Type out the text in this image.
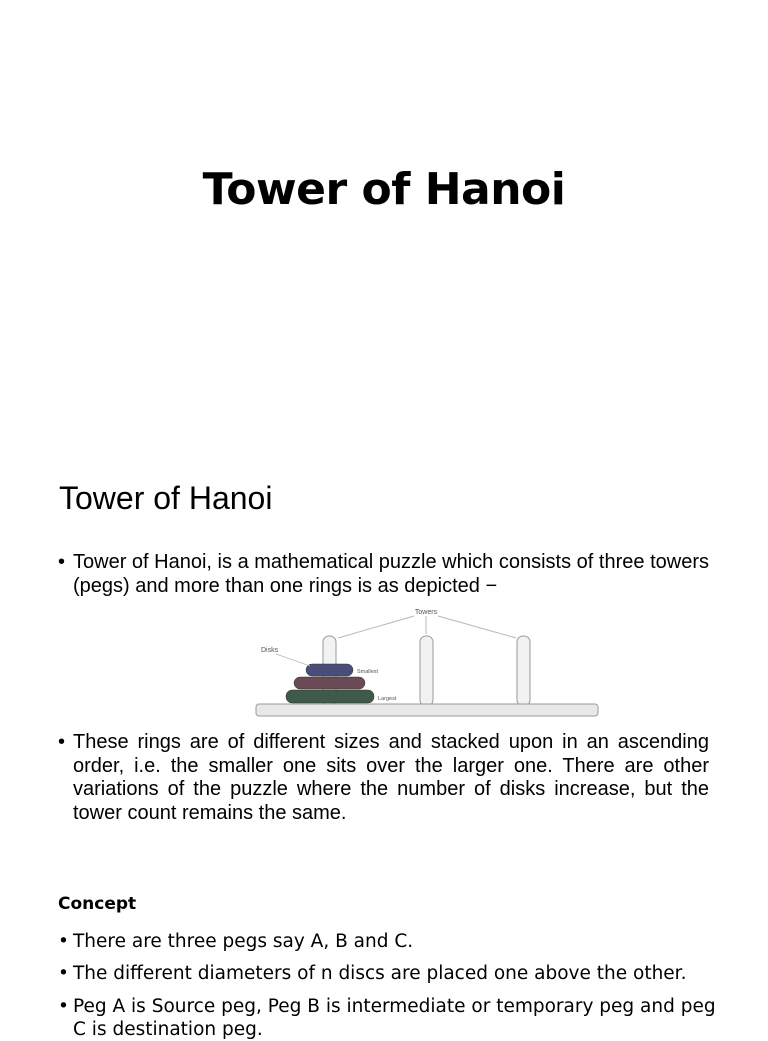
Tower of Hanoi
Tower of Hanoi
• Tower of Hanoi, is a mathematical puzzle which consists of three towers (pegs) and more than one rings is as depicted −
Towers
Disks
Smallest
Largest
• These rings are of different sizes and stacked upon in an ascending order, i.e. the smaller one sits over the larger one. There are other variations of the puzzle where the number of disks increase, but the tower count remains the same.
Concept
• There are three pegs say A, B and C.
• The different diameters of n discs are placed one above the other.
• Peg A is Source peg, Peg B is intermediate or temporary peg and peg C is destination peg.
